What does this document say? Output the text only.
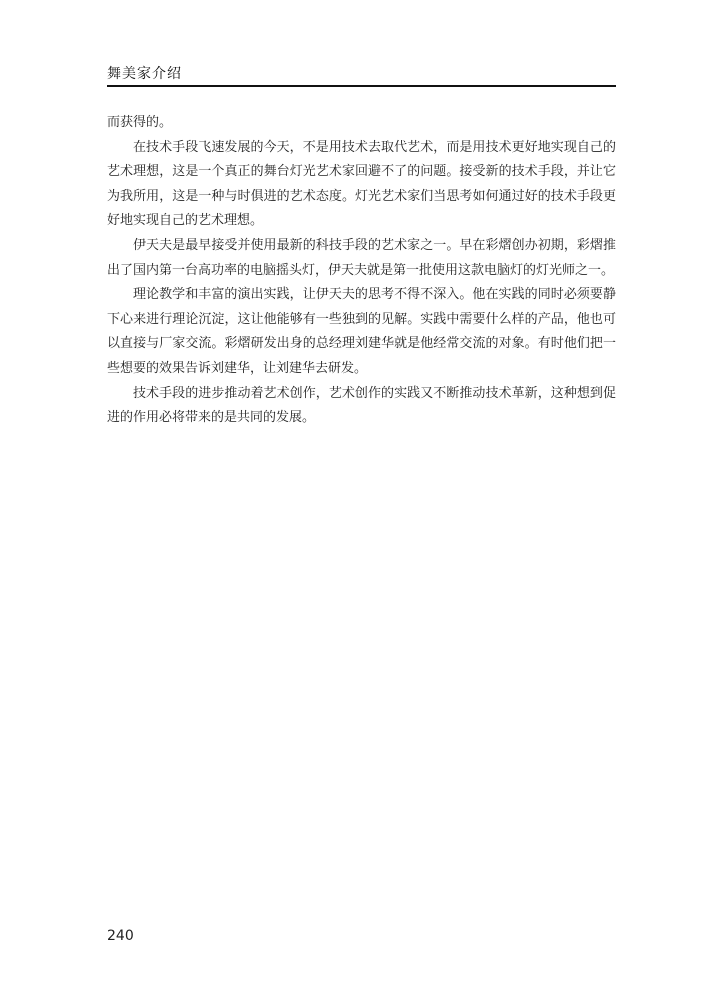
舞美家介绍

而获得的。

在技术手段飞速发展的今天，不是用技术去取代艺术，而是用技术更好地实现自己的艺术理想，这是一个真正的舞台灯光艺术家回避不了的问题。接受新的技术手段，并让它为我所用，这是一种与时俱进的艺术态度。灯光艺术家们当思考如何通过好的技术手段更好地实现自己的艺术理想。

伊天夫是最早接受并使用最新的科技手段的艺术家之一。早在彩熠创办初期，彩熠推出了国内第一台高功率的电脑摇头灯，伊天夫就是第一批使用这款电脑灯的灯光师之一。

理论教学和丰富的演出实践，让伊天夫的思考不得不深入。他在实践的同时必须要静下心来进行理论沉淀，这让他能够有一些独到的见解。实践中需要什么样的产品，他也可以直接与厂家交流。彩熠研发出身的总经理刘建华就是他经常交流的对象。有时他们把一些想要的效果告诉刘建华，让刘建华去研发。

技术手段的进步推动着艺术创作，艺术创作的实践又不断推动技术革新，这种想到促进的作用必将带来的是共同的发展。

240
